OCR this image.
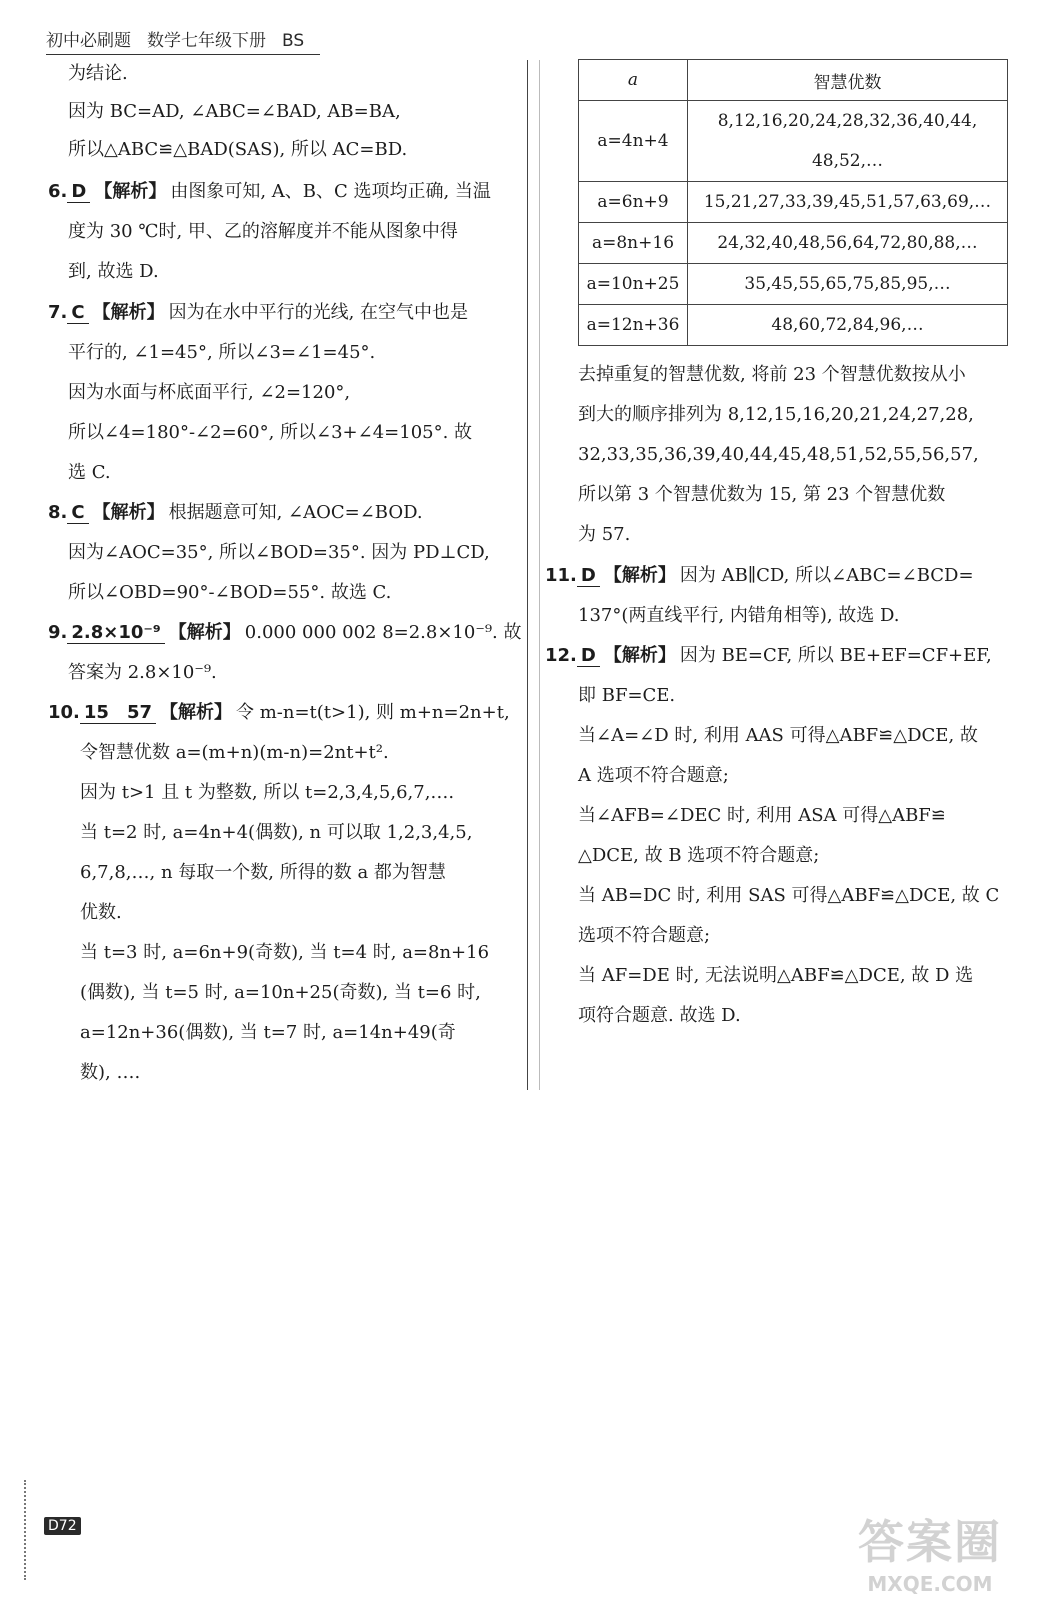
初中必刷题 数学七年级下册 BS
为结论.
因为 BC=AD, ∠ABC=∠BAD, AB=BA,
所以△ABC≌△BAD(SAS), 所以 AC=BD.
6. D 【解析】 由图象可知, A、B、C 选项均正确, 当温
度为 30 ℃时, 甲、乙的溶解度并不能从图象中得
到, 故选 D.
7. C 【解析】 因为在水中平行的光线, 在空气中也是
平行的, ∠1=45°, 所以∠3=∠1=45°.
因为水面与杯底面平行, ∠2=120°,
所以∠4=180°-∠2=60°, 所以∠3+∠4=105°. 故
选 C.
8. C 【解析】 根据题意可知, ∠AOC=∠BOD.
因为∠AOC=35°, 所以∠BOD=35°. 因为 PD⊥CD,
所以∠OBD=90°-∠BOD=55°. 故选 C.
9. 2.8×10⁻⁹ 【解析】 0.000 000 002 8=2.8×10⁻⁹. 故
答案为 2.8×10⁻⁹.
10. 15　57 【解析】 令 m-n=t(t>1), 则 m+n=2n+t,
令智慧优数 a=(m+n)(m-n)=2nt+t².
因为 t>1 且 t 为整数, 所以 t=2,3,4,5,6,7,….
当 t=2 时, a=4n+4(偶数), n 可以取 1,2,3,4,5,
6,7,8,…, n 每取一个数, 所得的数 a 都为智慧
优数.
当 t=3 时, a=6n+9(奇数), 当 t=4 时, a=8n+16
(偶数), 当 t=5 时, a=10n+25(奇数), 当 t=6 时,
a=12n+36(偶数), 当 t=7 时, a=14n+49(奇
数), ….
a	智慧优数
a=4n+4	8,12,16,20,24,28,32,36,40,44,
48,52,…

a=6n+9	15,21,27,33,39,45,51,57,63,69,…
a=8n+16	24,32,40,48,56,64,72,80,88,…
a=10n+25	35,45,55,65,75,85,95,…
a=12n+36	48,60,72,84,96,…
去掉重复的智慧优数, 将前 23 个智慧优数按从小
到大的顺序排列为 8,12,15,16,20,21,24,27,28,
32,33,35,36,39,40,44,45,48,51,52,55,56,57,
所以第 3 个智慧优数为 15, 第 23 个智慧优数
为 57.
11. D 【解析】 因为 AB∥CD, 所以∠ABC=∠BCD=
137°(两直线平行, 内错角相等), 故选 D.
12. D 【解析】 因为 BE=CF, 所以 BE+EF=CF+EF,
即 BF=CE.
当∠A=∠D 时, 利用 AAS 可得△ABF≌△DCE, 故
A 选项不符合题意;
当∠AFB=∠DEC 时, 利用 ASA 可得△ABF≌
△DCE, 故 B 选项不符合题意;
当 AB=DC 时, 利用 SAS 可得△ABF≌△DCE, 故 C
选项不符合题意;
当 AF=DE 时, 无法说明△ABF≌△DCE, 故 D 选
项符合题意. 故选 D.
D72	答案圈
MXQE.COM
